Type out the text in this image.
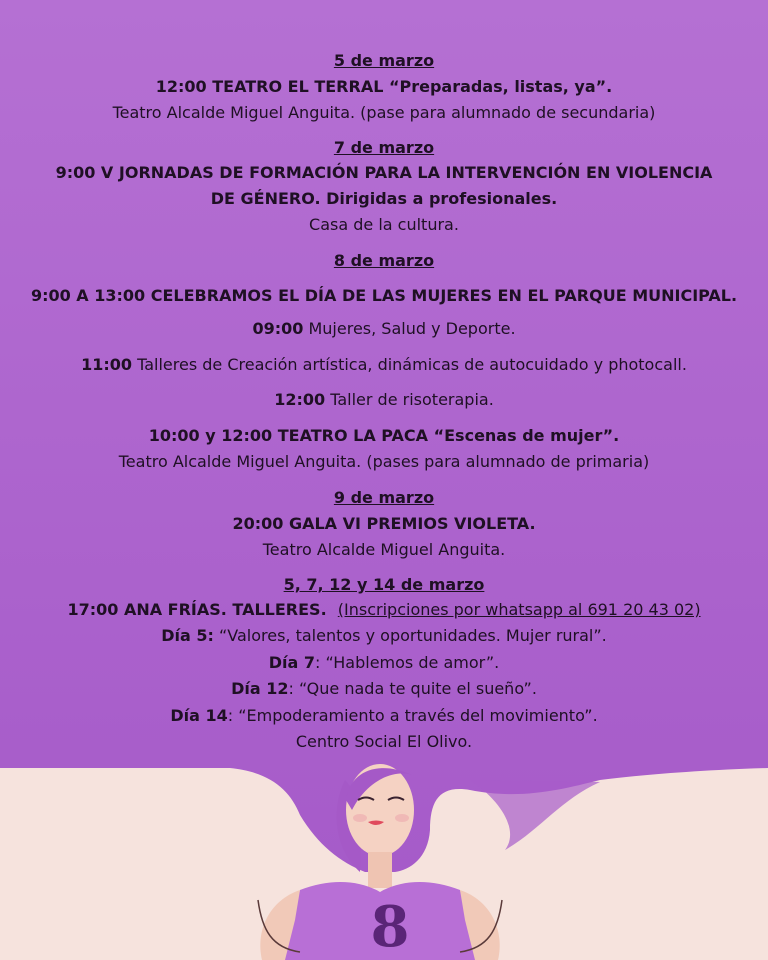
8
5 de marzo
12:00 TEATRO EL TERRAL “Preparadas, listas, ya”.
Teatro Alcalde Miguel Anguita. (pase para alumnado de secundaria)
7 de marzo
9:00 V JORNADAS DE FORMACIÓN PARA LA INTERVENCIÓN EN VIOLENCIA
DE GÉNERO. Dirigidas a profesionales.
Casa de la cultura.
8 de marzo
9:00 A 13:00 CELEBRAMOS EL DÍA DE LAS MUJERES EN EL PARQUE MUNICIPAL.
09:00 Mujeres, Salud y Deporte.
11:00 Talleres de Creación artística, dinámicas de autocuidado y photocall.
12:00 Taller de risoterapia.
10:00 y 12:00 TEATRO LA PACA “Escenas de mujer”.
Teatro Alcalde Miguel Anguita. (pases para alumnado de primaria)
9 de marzo
20:00 GALA VI PREMIOS VIOLETA.
Teatro Alcalde Miguel Anguita.
5, 7, 12 y 14 de marzo
17:00 ANA FRÍAS. TALLERES.  (Inscripciones por whatsapp al 691 20 43 02)
Día 5: “Valores, talentos y oportunidades. Mujer rural”.
Día 7: “Hablemos de amor”.
Día 12: “Que nada te quite el sueño”.
Día 14: “Empoderamiento a través del movimiento”.
Centro Social El Olivo.
